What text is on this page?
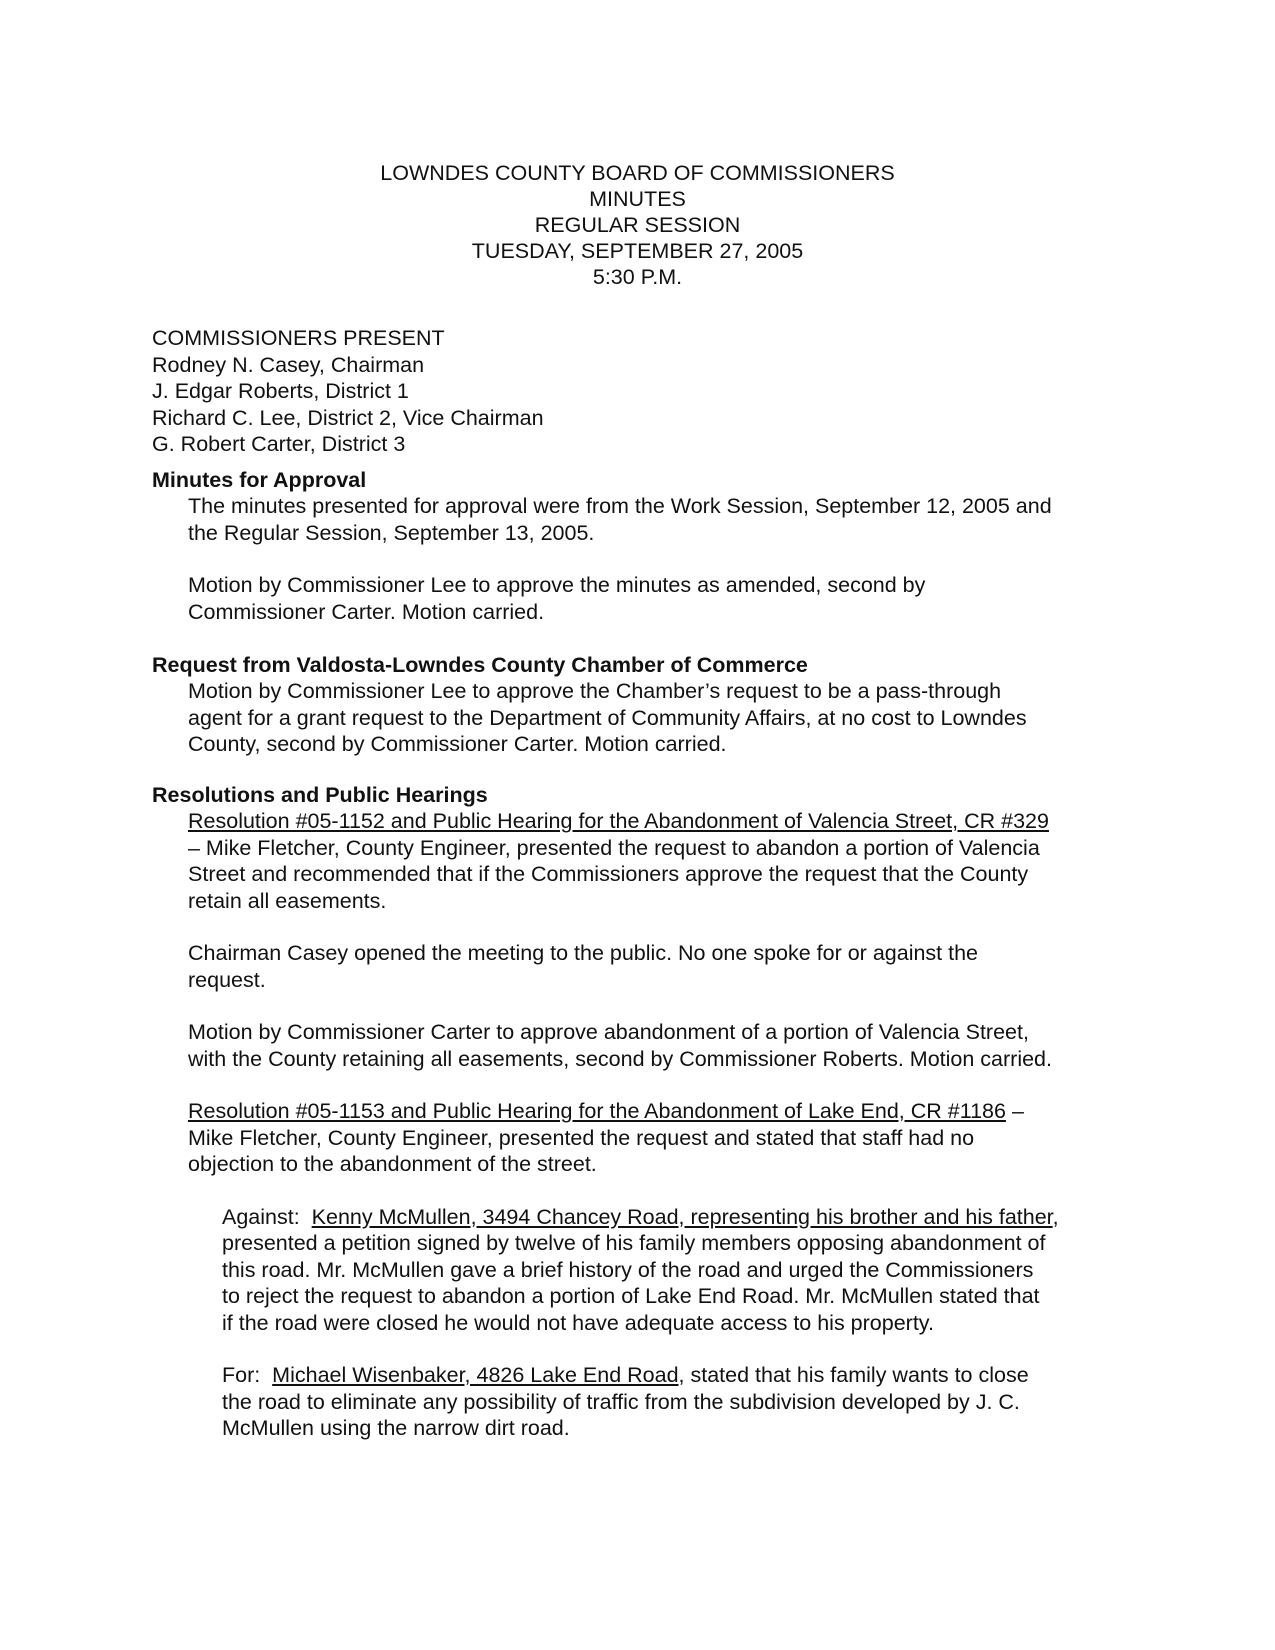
LOWNDES COUNTY BOARD OF COMMISSIONERS
MINUTES
REGULAR SESSION
TUESDAY, SEPTEMBER 27, 2005
5:30 P.M.
COMMISSIONERS PRESENT
Rodney N. Casey, Chairman
J. Edgar Roberts, District 1
Richard C. Lee, District 2, Vice Chairman
G. Robert Carter, District 3
Minutes for Approval
The minutes presented for approval were from the Work Session, September 12, 2005 and
the Regular Session, September 13, 2005.
Motion by Commissioner Lee to approve the minutes as amended, second by
Commissioner Carter. Motion carried.
Request from Valdosta-Lowndes County Chamber of Commerce
Motion by Commissioner Lee to approve the Chamber’s request to be a pass-through
agent for a grant request to the Department of Community Affairs, at no cost to Lowndes
County, second by Commissioner Carter. Motion carried.
Resolutions and Public Hearings
Resolution #05-1152 and Public Hearing for the Abandonment of Valencia Street, CR #329
– Mike Fletcher, County Engineer, presented the request to abandon a portion of Valencia
Street and recommended that if the Commissioners approve the request that the County
retain all easements.
Chairman Casey opened the meeting to the public. No one spoke for or against the
request.
Motion by Commissioner Carter to approve abandonment of a portion of Valencia Street,
with the County retaining all easements, second by Commissioner Roberts. Motion carried.
Resolution #05-1153 and Public Hearing for the Abandonment of Lake End, CR #1186 –
Mike Fletcher, County Engineer, presented the request and stated that staff had no
objection to the abandonment of the street.
Against:  Kenny McMullen, 3494 Chancey Road, representing his brother and his father,
presented a petition signed by twelve of his family members opposing abandonment of
this road. Mr. McMullen gave a brief history of the road and urged the Commissioners
to reject the request to abandon a portion of Lake End Road. Mr. McMullen stated that
if the road were closed he would not have adequate access to his property.
For:  Michael Wisenbaker, 4826 Lake End Road, stated that his family wants to close
the road to eliminate any possibility of traffic from the subdivision developed by J. C.
McMullen using the narrow dirt road.
